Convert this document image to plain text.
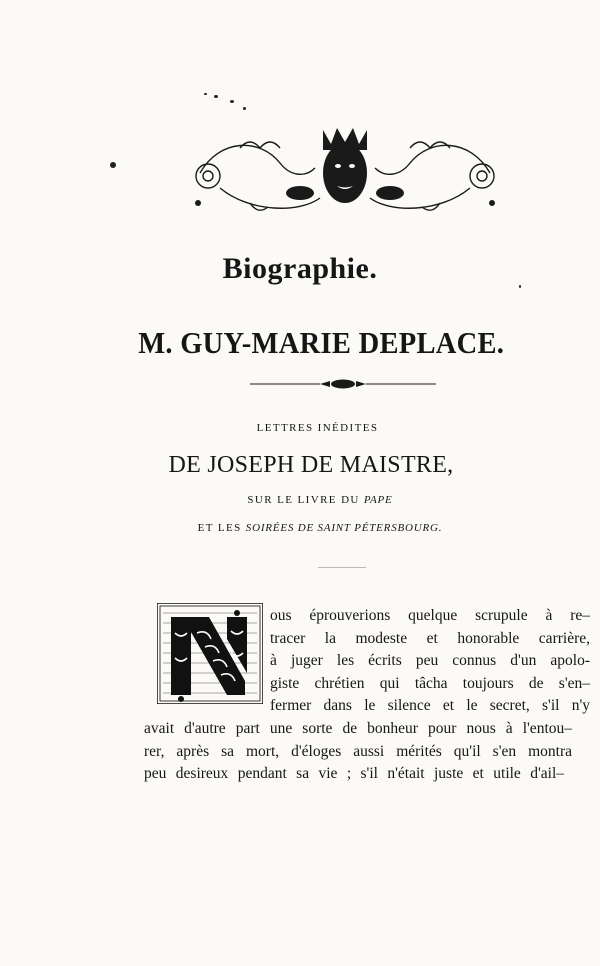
Biographie.
M. GUY-MARIE DEPLACE.
LETTRES INÉDITES
DE JOSEPH DE MAISTRE,
SUR LE LIVRE DU PAPE
ET LES SOIRÉES DE SAINT PÉTERSBOURG.
ous éprouverions quelque scrupule à re–
tracer la modeste et honorable carrière,
à juger les écrits peu connus d'un apolo-
giste chrétien qui tâcha toujours de s'en–
fermer dans le silence et le secret, s'il n'y
avait d'autre part une sorte de bonheur pour nous à l'entou–
rer, après sa mort, d'éloges aussi mérités qu'il s'en montra
peu desireux pendant sa vie ; s'il n'était juste et utile d'ail–
